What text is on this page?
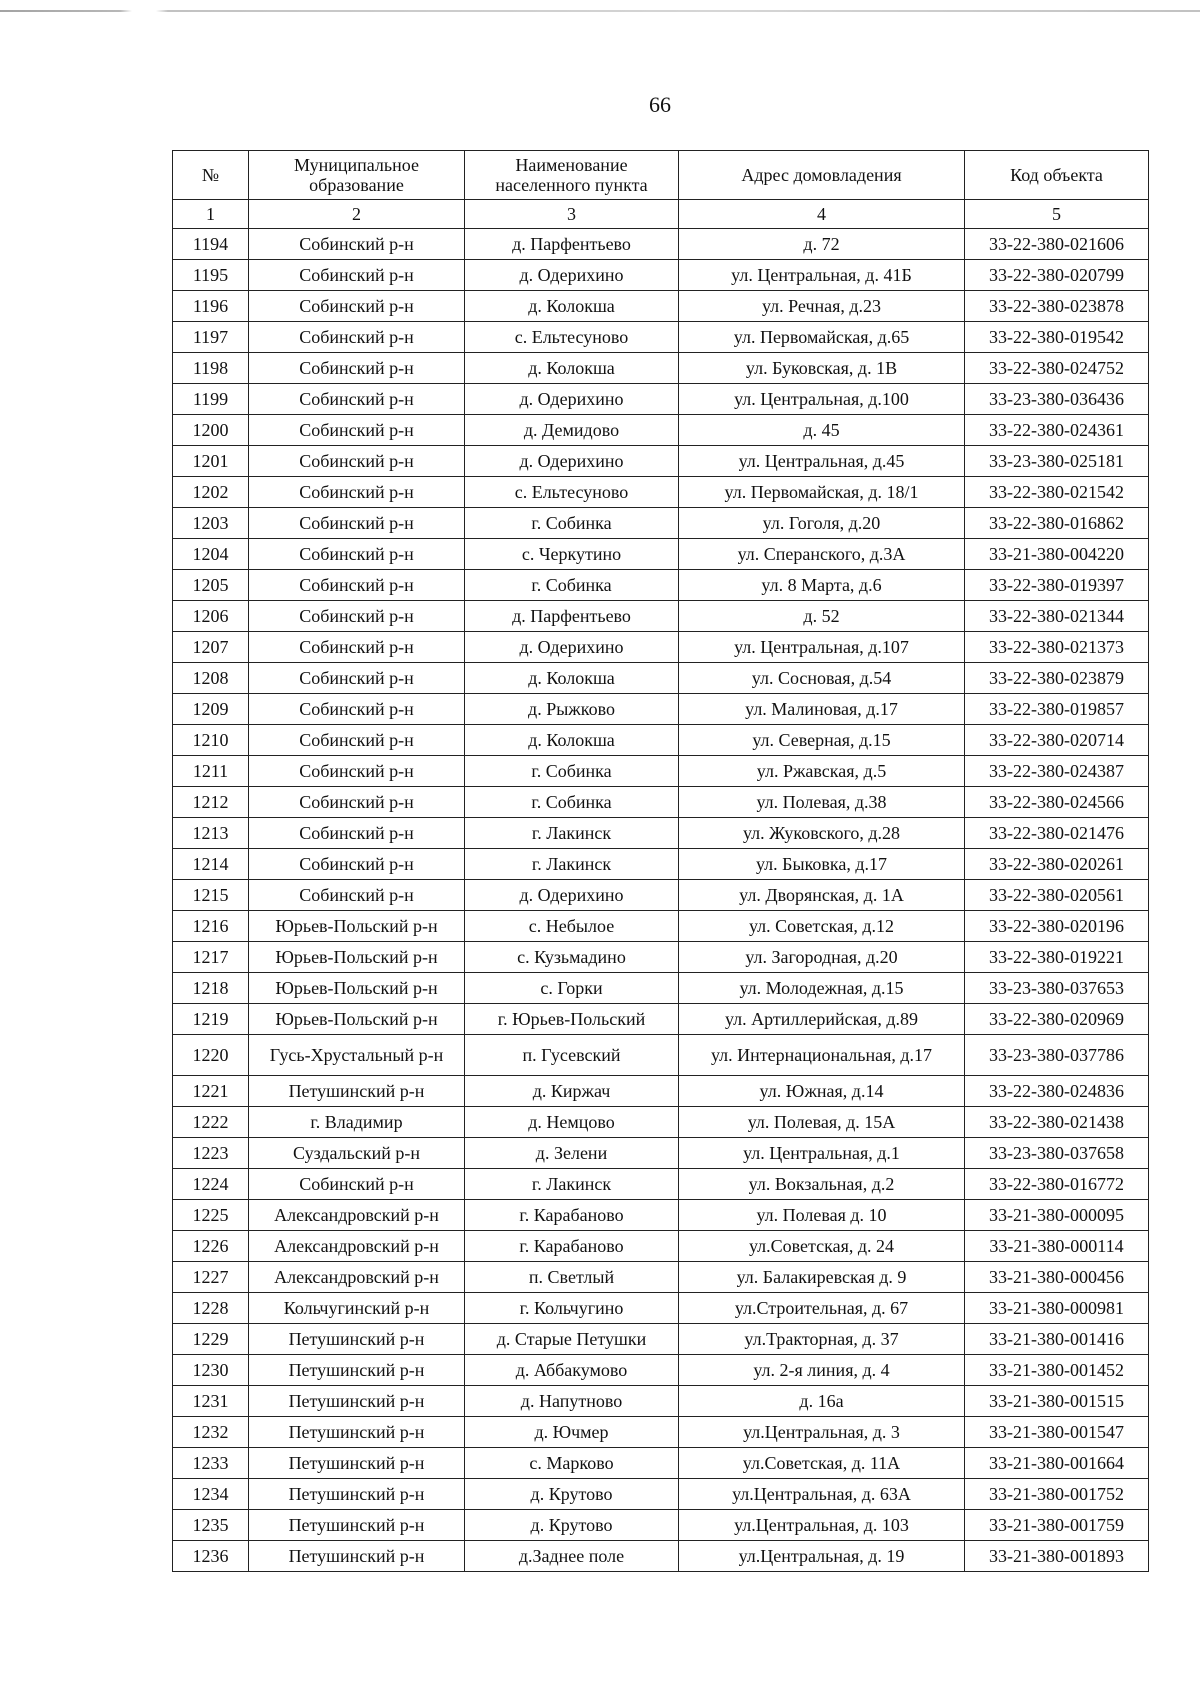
66
№	Муниципальное образование	Наименование населенного пункта	Адрес домовладения	Код объекта
1	2	3	4	5
1194	Собинский р-н	д. Парфентьево	д. 72	33-22-380-021606
1195	Собинский р-н	д. Одерихино	ул. Центральная, д. 41Б	33-22-380-020799
1196	Собинский р-н	д. Колокша	ул. Речная, д.23	33-22-380-023878
1197	Собинский р-н	с. Ельтесуново	ул. Первомайская, д.65	33-22-380-019542
1198	Собинский р-н	д. Колокша	ул. Буковская, д. 1В	33-22-380-024752
1199	Собинский р-н	д. Одерихино	ул. Центральная, д.100	33-23-380-036436
1200	Собинский р-н	д. Демидово	д. 45	33-22-380-024361
1201	Собинский р-н	д. Одерихино	ул. Центральная, д.45	33-23-380-025181
1202	Собинский р-н	с. Ельтесуново	ул. Первомайская, д. 18/1	33-22-380-021542
1203	Собинский р-н	г. Собинка	ул. Гоголя, д.20	33-22-380-016862
1204	Собинский р-н	с. Черкутино	ул. Сперанского, д.3А	33-21-380-004220
1205	Собинский р-н	г. Собинка	ул. 8 Марта, д.6	33-22-380-019397
1206	Собинский р-н	д. Парфентьево	д. 52	33-22-380-021344
1207	Собинский р-н	д. Одерихино	ул. Центральная, д.107	33-22-380-021373
1208	Собинский р-н	д. Колокша	ул. Сосновая, д.54	33-22-380-023879
1209	Собинский р-н	д. Рыжково	ул. Малиновая, д.17	33-22-380-019857
1210	Собинский р-н	д. Колокша	ул. Северная, д.15	33-22-380-020714
1211	Собинский р-н	г. Собинка	ул. Ржавская, д.5	33-22-380-024387
1212	Собинский р-н	г. Собинка	ул. Полевая, д.38	33-22-380-024566
1213	Собинский р-н	г. Лакинск	ул. Жуковского, д.28	33-22-380-021476
1214	Собинский р-н	г. Лакинск	ул. Быковка, д.17	33-22-380-020261
1215	Собинский р-н	д. Одерихино	ул. Дворянская, д. 1А	33-22-380-020561
1216	Юрьев-Польский р-н	с. Небылое	ул. Советская, д.12	33-22-380-020196
1217	Юрьев-Польский р-н	с. Кузьмадино	ул. Загородная, д.20	33-22-380-019221
1218	Юрьев-Польский р-н	с. Горки	ул. Молодежная, д.15	33-23-380-037653
1219	Юрьев-Польский р-н	г. Юрьев-Польский	ул. Артиллерийская, д.89	33-22-380-020969
1220	Гусь-Хрустальный р-н	п. Гусевский	ул. Интернациональная, д.17	33-23-380-037786
1221	Петушинский р-н	д. Киржач	ул. Южная, д.14	33-22-380-024836
1222	г. Владимир	д. Немцово	ул. Полевая, д. 15А	33-22-380-021438
1223	Суздальский р-н	д. Зелени	ул. Центральная, д.1	33-23-380-037658
1224	Собинский р-н	г. Лакинск	ул. Вокзальная, д.2	33-22-380-016772
1225	Александровский р-н	г. Карабаново	ул. Полевая д. 10	33-21-380-000095
1226	Александровский р-н	г. Карабаново	ул.Советская, д. 24	33-21-380-000114
1227	Александровский р-н	п. Светлый	ул. Балакиревская д. 9	33-21-380-000456
1228	Кольчугинский р-н	г. Кольчугино	ул.Строительная, д. 67	33-21-380-000981
1229	Петушинский р-н	д. Старые Петушки	ул.Тракторная, д. 37	33-21-380-001416
1230	Петушинский р-н	д. Аббакумово	ул. 2-я линия, д. 4	33-21-380-001452
1231	Петушинский р-н	д. Напутново	д. 16а	33-21-380-001515
1232	Петушинский р-н	д. Ючмер	ул.Центральная, д. 3	33-21-380-001547
1233	Петушинский р-н	с. Марково	ул.Советская, д. 11А	33-21-380-001664
1234	Петушинский р-н	д. Крутово	ул.Центральная, д. 63А	33-21-380-001752
1235	Петушинский р-н	д. Крутово	ул.Центральная, д. 103	33-21-380-001759
1236	Петушинский р-н	д.Заднее поле	ул.Центральная, д. 19	33-21-380-001893
